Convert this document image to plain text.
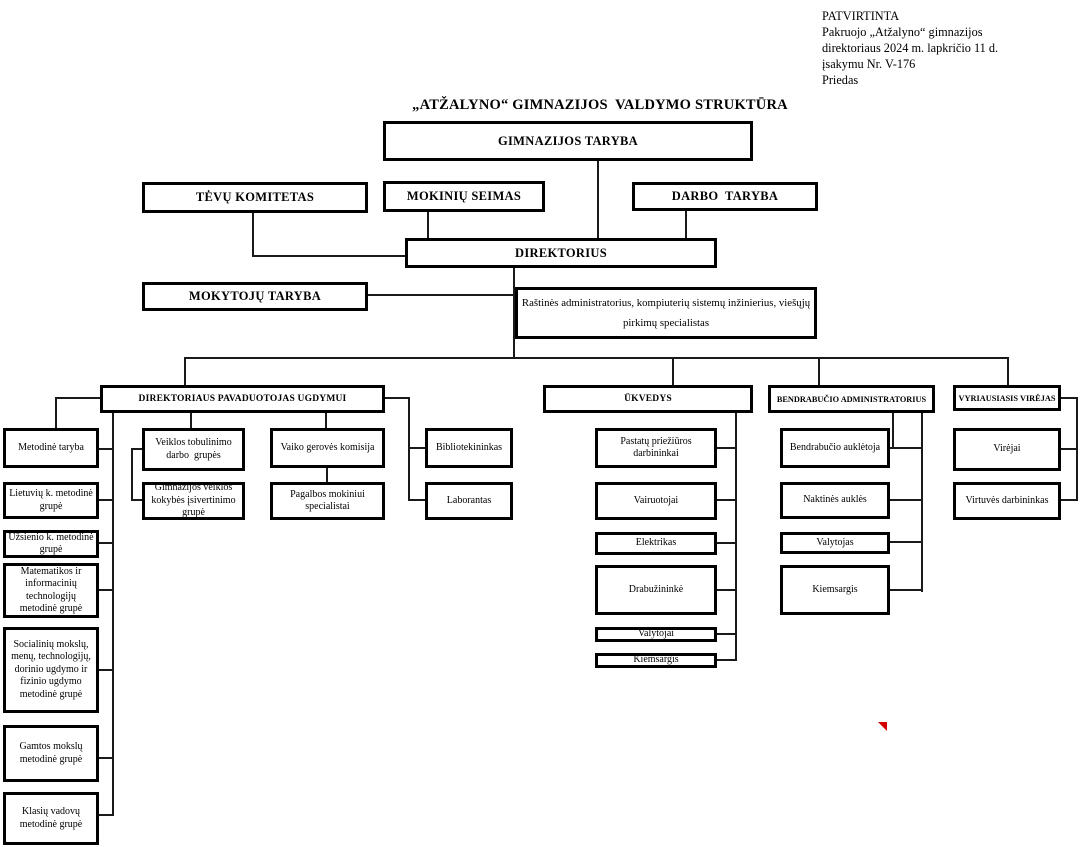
PATVIRTINTA
Pakruojo „Atžalyno“ gimnazijos
direktoriaus 2024 m. lapkričio 11 d.
įsakymu Nr. V-176
Priedas
„ATŽALYNO“ GIMNAZIJOS  VALDYMO STRUKTŪRA
GIMNAZIJOS TARYBA
TĖVŲ KOMITETAS	MOKINIŲ SEIMAS	DARBO  TARYBA
DIREKTORIUS
MOKYTOJŲ TARYBA	Raštinės administratorius, kompiuterių sistemų inžinierius, viešųjų pirkimų specialistas
DIREKTORIAUS PAVADUOTOJAS UGDYMUI	ŪKVEDYS	BENDRABUČIO ADMINISTRATORIUS	VYRIAUSIASIS VIRĖJAS
Metodinė taryba
Lietuvių k. metodinė grupė
Užsienio k. metodinė grupė
Matematikos ir informacinių technologijų metodinė grupė
Socialinių mokslų, menų, technologijų, dorinio ugdymo ir fizinio ugdymo metodinė grupė
Gamtos mokslų metodinė grupė
Klasių vadovų metodinė grupė
Veiklos tobulinimo darbo  grupės
Gimnazijos veiklos kokybės įsivertinimo grupė
Vaiko gerovės komisija
Pagalbos mokiniui specialistai
Bibliotekininkas
Laborantas
Pastatų priežiūros darbininkai
Vairuotojai
Elektrikas
Drabužininkė
Valytojai
Kiemsargis
Bendrabučio auklėtoja
Naktinės auklės
Valytojas
Kiemsargis
Virėjai
Virtuvės darbininkas
